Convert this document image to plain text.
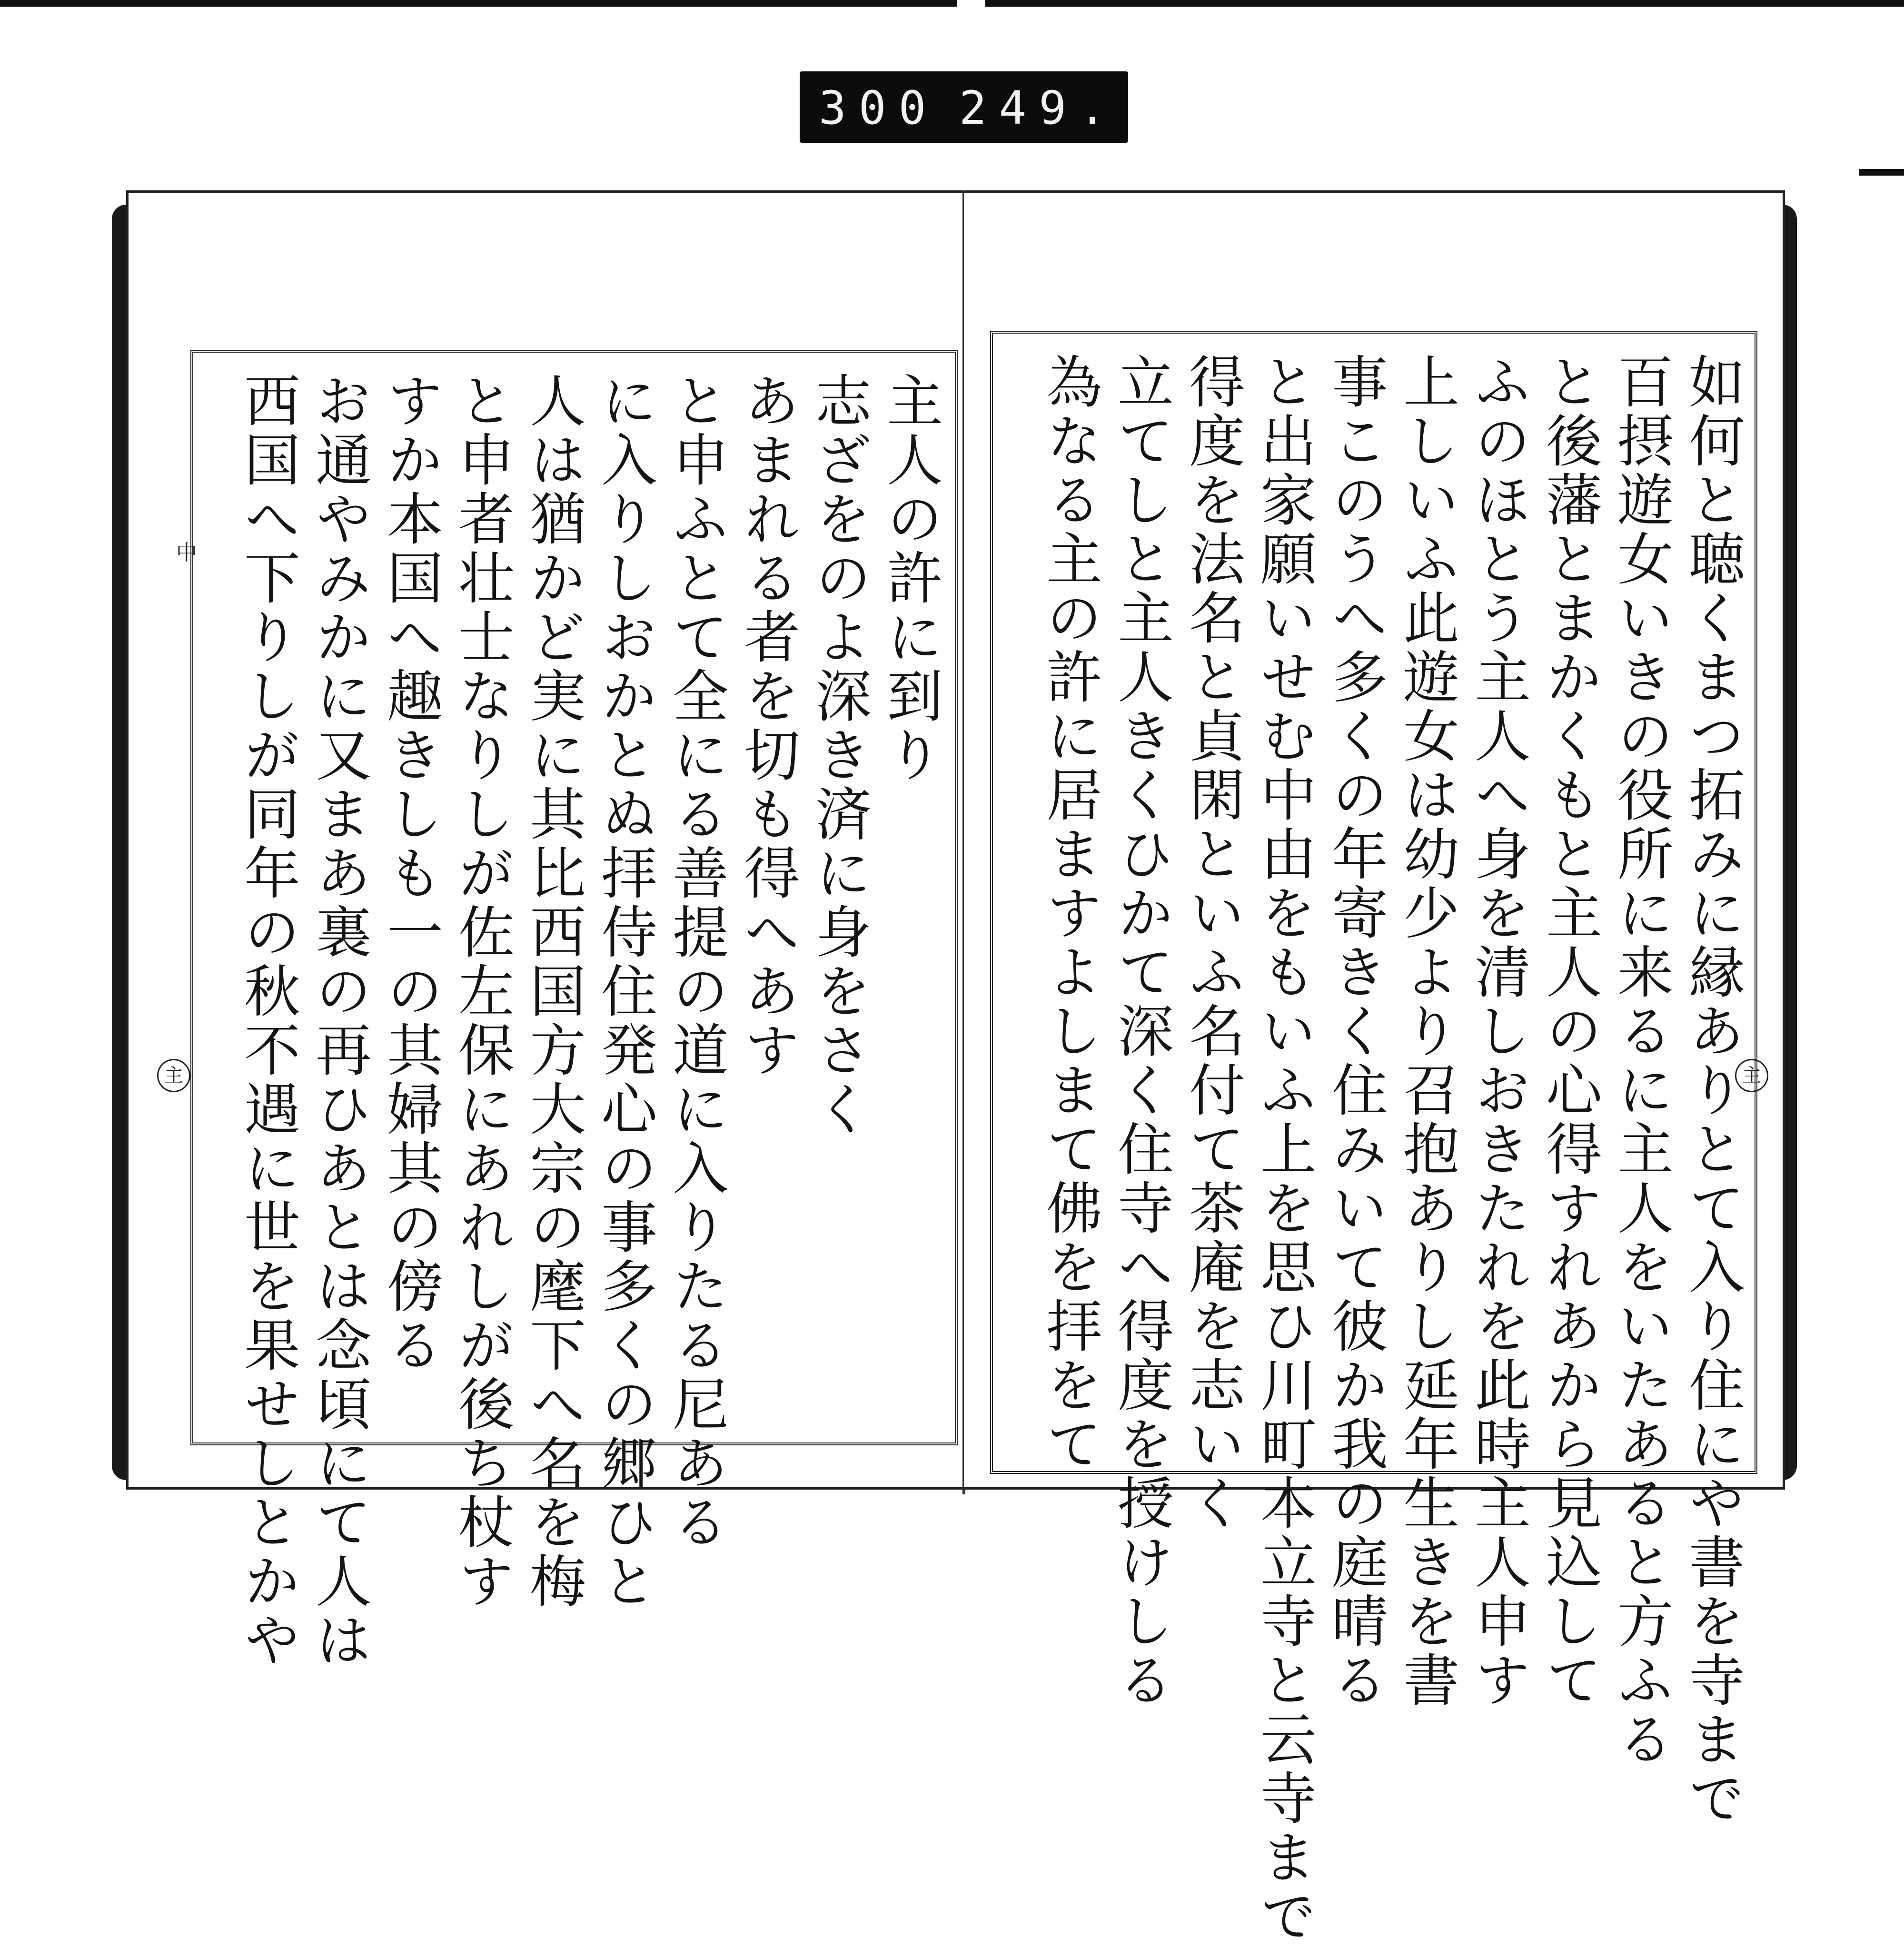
300 249.
中
主
主人の許に到り
志ざをのよ深き済に身をさく
あまれる者を切も得へあす
と申ふとて全にる善提の道に入りたる尼ある
に入りしおかとぬ拝侍住発心の事多くの郷ひと
人は猶かど実に其比西国方大宗の麾下へ名を梅
と申者壮士なりしが佐左保にあれしが後ち杖す
すか本国へ趣きしも一の其婦其の傍る
お通やみかに又まあ裏の再ひあとは念頃にて人は
西国へ下りしが同年の秋不遇に世を果せしとかや	主
如何と聴くまつ拓みに縁ありとて入り住にや書を寺まで
百摂遊女いきの役所に来るに主人をいたあると方ふる
と後藩とまかくもと主人の心得すれあから見込して
ふのほとう主人へ身を清しおきたれを此時主人申す
上しいふ此遊女は幼少より召抱ありし延年生きを書
事このうへ多くの年寄きく住みいて彼か我の庭晴る
と出家願いせむ中由をもいふ上を思ひ川町本立寺と云寺まで
得度を法名と貞閑といふ名付て茶庵を志いく
立てしと主人きくひかて深く住寺へ得度を授けしる
為なる主の許に居ますよしまて佛を拝をて
